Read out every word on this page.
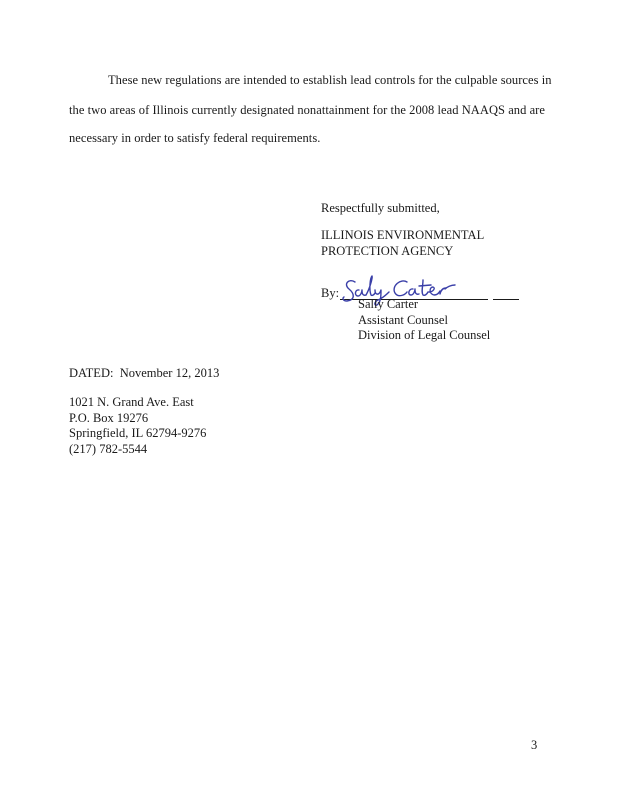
These new regulations are intended to establish lead controls for the culpable sources in
the two areas of Illinois currently designated nonattainment for the 2008 lead NAAQS and are
necessary in order to satisfy federal requirements.
Respectfully submitted,
ILLINOIS ENVIRONMENTAL
PROTECTION AGENCY
By:
Sally Carter
Assistant Counsel
Division of Legal Counsel
DATED: November 12, 2013
1021 N. Grand Ave. East
P.O. Box 19276
Springfield, IL 62794-9276
(217) 782-5544
3
